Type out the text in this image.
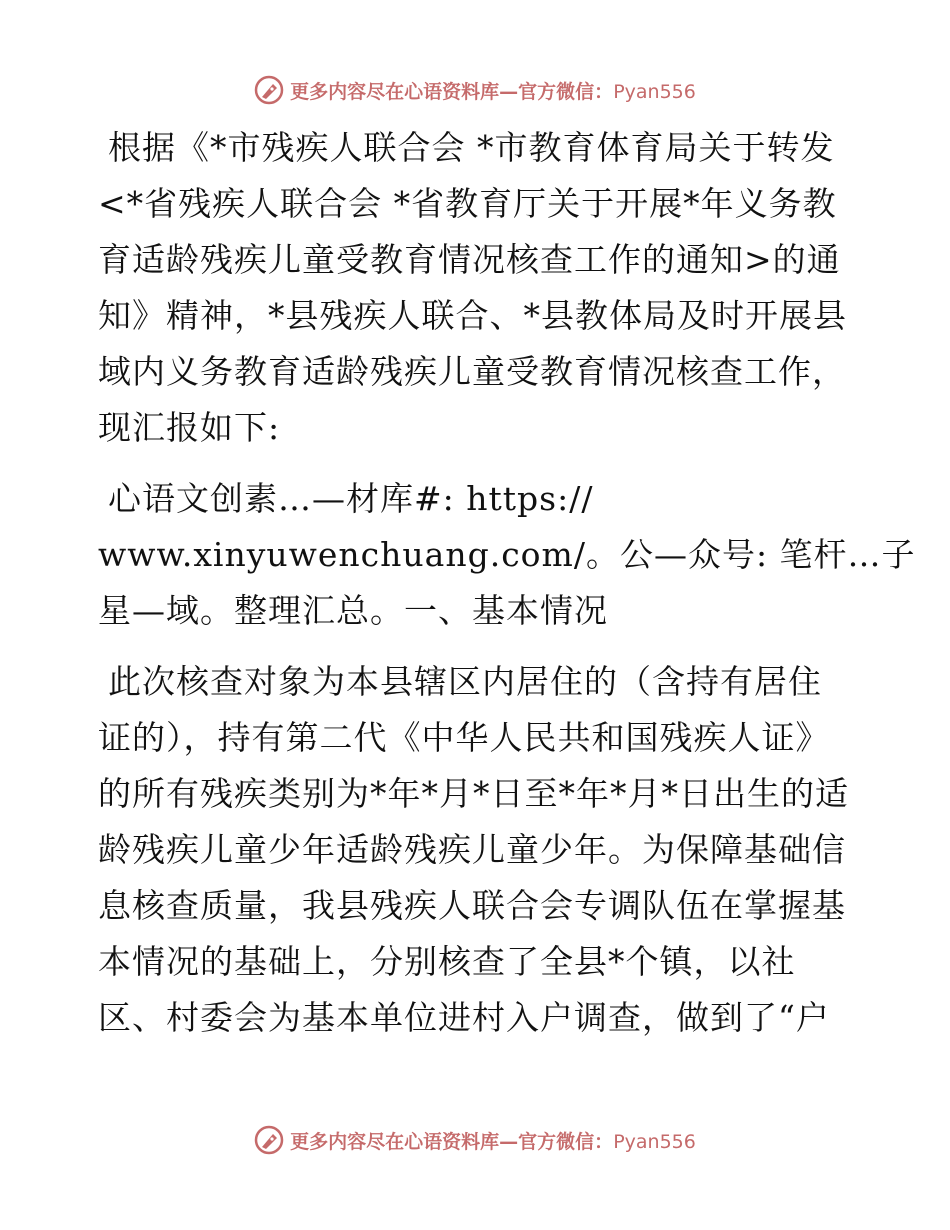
更多内容尽在心语资料库—官方微信：Pyan556

根据《*市残疾人联合会 *市教育体育局关于转发
<*省残疾人联合会 *省教育厅关于开展*年义务教
育适龄残疾儿童受教育情况核查工作的通知>的通
知》精神，*县残疾人联合、*县教体局及时开展县
域内义务教育适龄残疾儿童受教育情况核查工作，
现汇报如下:

心语文创素…—材库#: https://
www.xinyuwenchuang.com/。公—众号: 笔杆…子
星—域。整理汇总。一、基本情况

此次核查对象为本县辖区内居住的（含持有居住
证的），持有第二代《中华人民共和国残疾人证》
的所有残疾类别为*年*月*日至*年*月*日出生的适
龄残疾儿童少年适龄残疾儿童少年。为保障基础信
息核查质量，我县残疾人联合会专调队伍在掌握基
本情况的基础上，分别核查了全县*个镇，以社
区、村委会为基本单位进村入户调查，做到了“户

更多内容尽在心语资料库—官方微信：Pyan556
